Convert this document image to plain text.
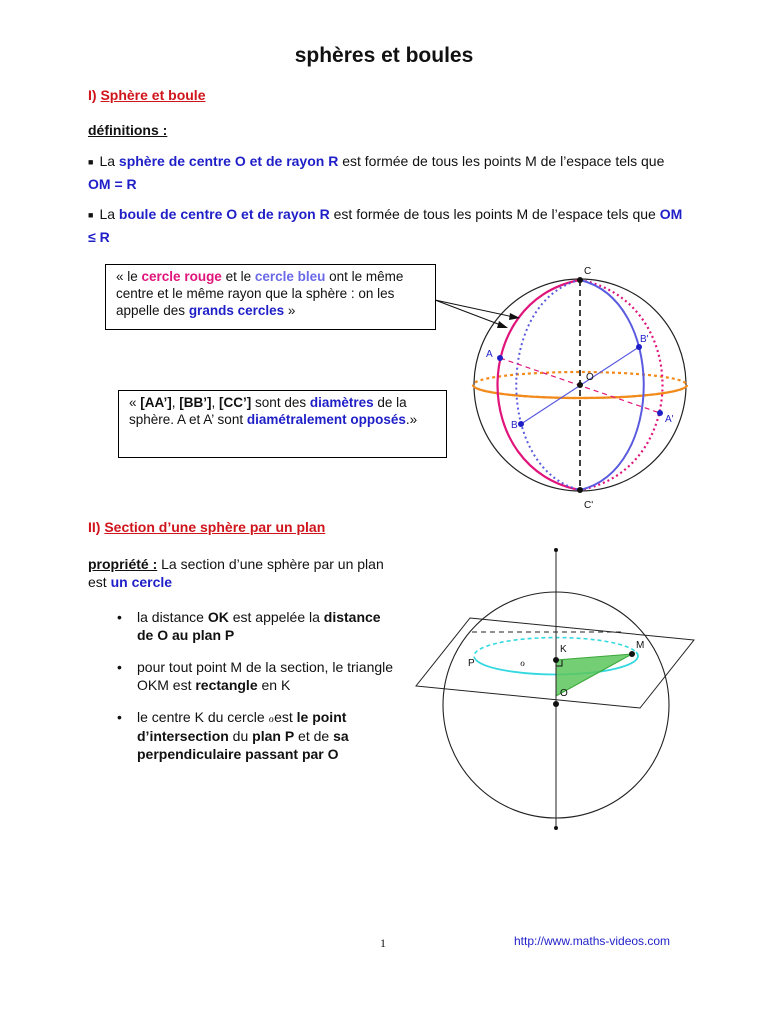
sphères et boules
I) Sphère et boule
définitions :
■ La sphère de centre O et de rayon R est formée de tous les points M de l’espace tels que OM = R
■ La boule de centre O et de rayon R est formée de tous les points M de l’espace tels que OM ≤ R
C
C'
O
A
A'
B
B'
« le cercle rouge et le cercle bleu ont le même centre et le même rayon que la sphère : on les appelle des grands cercles »
« [AA’], [BB’], [CC’] sont des diamètres de la sphère. A et A’ sont diamétralement opposés.»
II) Section d’une sphère par un plan
propriété : La section d’une sphère par un plan est un cercle
• la distance OK est appelée la distance de O au plan P
• pour tout point M de la section, le triangle OKM est rectangle en K
• le centre K du cercle ℴest le point d’intersection du plan P et de sa perpendiculaire passant par O
K	M
P
O
ℴ
1	http://www.maths-videos.com
